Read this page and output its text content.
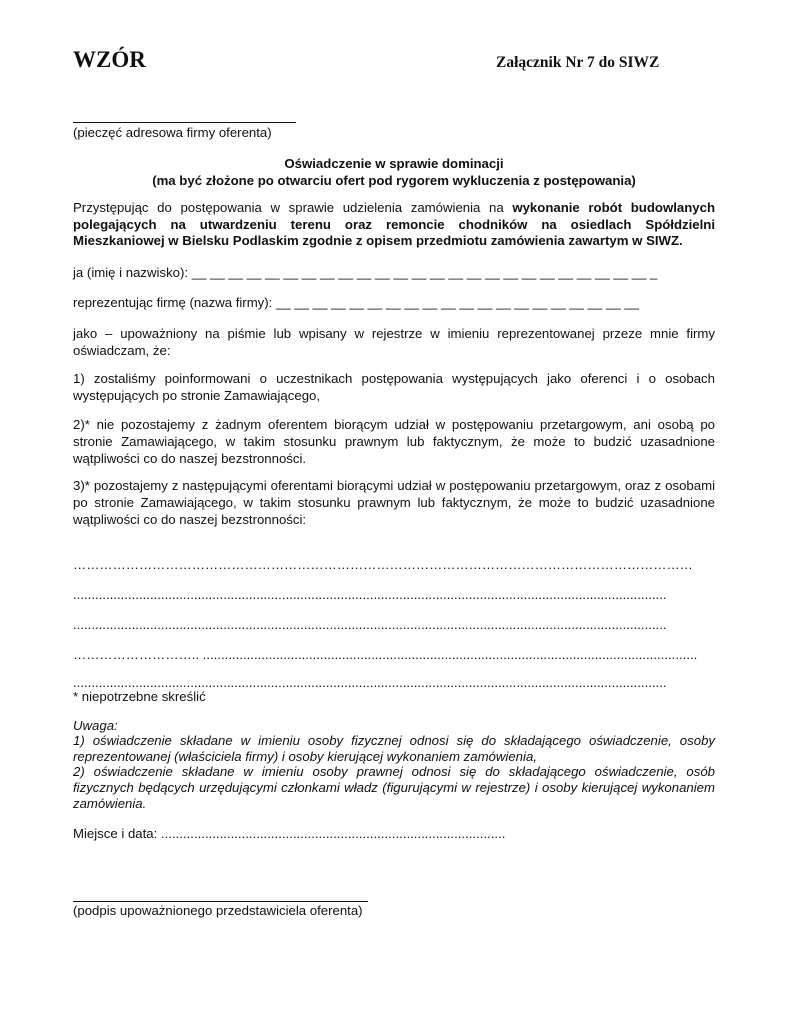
WZÓR	Załącznik Nr 7 do SIWZ
(pieczęć adresowa firmy oferenta)
Oświadczenie w sprawie dominacji
(ma być złożone po otwarciu ofert pod rygorem wykluczenia z postępowania)
Przystępując do postępowania w sprawie udzielenia zamówienia na wykonanie robót budowlanych polegających na utwardzeniu terenu oraz remoncie chodników na osiedlach Spółdzielni Mieszkaniowej w Bielsku Podlaskim zgodnie z opisem przedmiotu zamówienia zawartym w SIWZ.
ja (imię i nazwisko): __ __ __ __ __ __ __ __ __ __ __ __ __ __ __ __ __ __ __ __ __ __ __ __ __ _
reprezentując firmę (nazwa firmy): __ __ __ __ __ __ __ __ __ __ __ __ __ __ __ __ __ __ __ __
jako – upoważniony na piśmie lub wpisany w rejestrze w imieniu reprezentowanej przeze mnie firmy oświadczam, że:
1) zostaliśmy poinformowani o uczestnikach postępowania występujących jako oferenci i o osobach występujących po stronie Zamawiającego,
2)* nie pozostajemy z żadnym oferentem biorącym udział w postępowaniu przetargowym, ani osobą po stronie Zamawiającego, w takim stosunku prawnym lub faktycznym, że może to budzić uzasadnione wątpliwości co do naszej bezstronności.
3)* pozostajemy z następującymi oferentami biorącymi udział w postępowaniu przetargowym, oraz z osobami po stronie Zamawiającego, w takim stosunku prawnym lub faktycznym, że może to budzić uzasadnione wątpliwości co do naszej bezstronności:
……………………………………………………………………………………………………………………………
..................................................................................................................................................................
..................................................................................................................................................................
……………………….. .......................................................................................................................................
..................................................................................................................................................................
* niepotrzebne skreślić
Uwaga:
1) oświadczenie składane w imieniu osoby fizycznej odnosi się do składającego oświadczenie, osoby reprezentowanej (właściciela firmy) i osoby kierującej wykonaniem zamówienia,
2) oświadczenie składane w imieniu osoby prawnej odnosi się do składającego oświadczenie, osób fizycznych będących urzędującymi członkami władz (figurującymi w rejestrze) i osoby kierującej wykonaniem zamówienia.
Miejsce i data: ..............................................................................................
(podpis upoważnionego przedstawiciela oferenta)
